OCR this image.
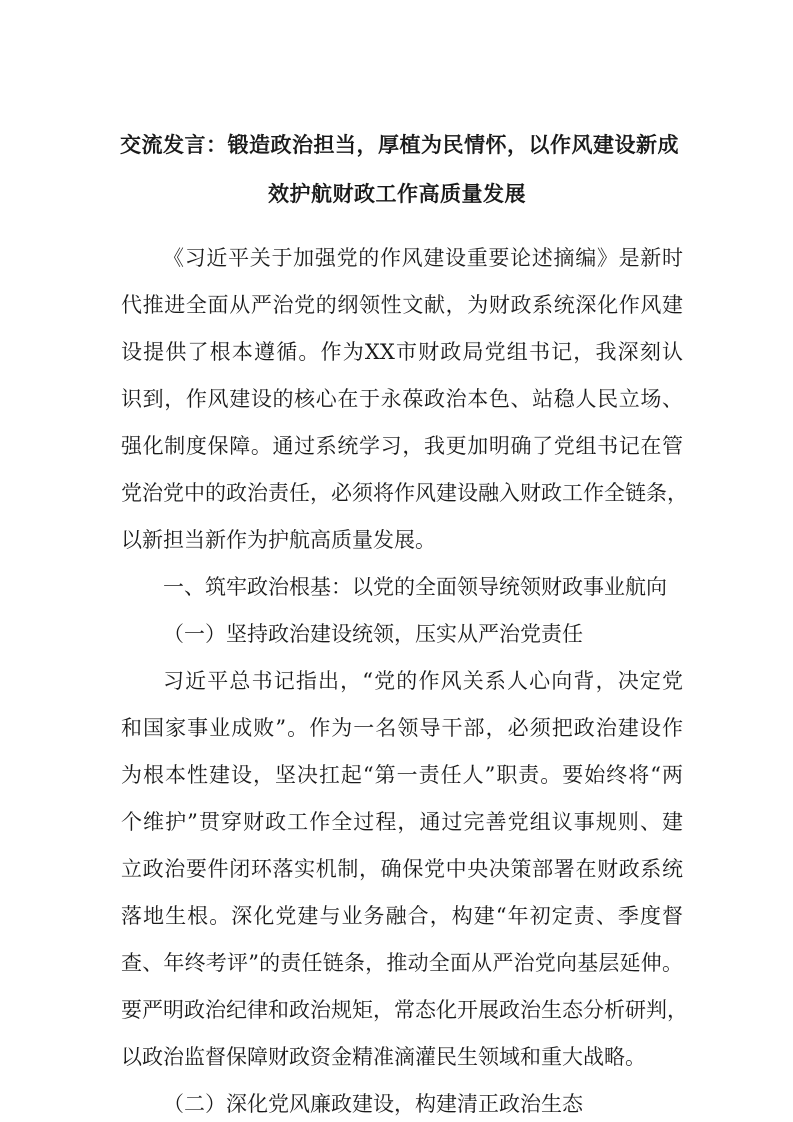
交流发言：锻造政治担当，厚植为民情怀，以作风建设新成
效护航财政工作高质量发展
《习近平关于加强党的作风建设重要论述摘编》是新时
代推进全面从严治党的纲领性文献，为财政系统深化作风建
设提供了根本遵循。作为XX市财政局党组书记，我深刻认
识到，作风建设的核心在于永葆政治本色、站稳人民立场、
强化制度保障。通过系统学习，我更加明确了党组书记在管
党治党中的政治责任，必须将作风建设融入财政工作全链条，
以新担当新作为护航高质量发展。
一、筑牢政治根基：以党的全面领导统领财政事业航向
（一）坚持政治建设统领，压实从严治党责任
习近平总书记指出，“党的作风关系人心向背，决定党
和国家事业成败”。作为一名领导干部，必须把政治建设作
为根本性建设，坚决扛起“第一责任人”职责。要始终将“两
个维护”贯穿财政工作全过程，通过完善党组议事规则、建
立政治要件闭环落实机制，确保党中央决策部署在财政系统
落地生根。深化党建与业务融合，构建“年初定责、季度督
查、年终考评”的责任链条，推动全面从严治党向基层延伸。
要严明政治纪律和政治规矩，常态化开展政治生态分析研判，
以政治监督保障财政资金精准滴灌民生领域和重大战略。
（二）深化党风廉政建设，构建清正政治生态
